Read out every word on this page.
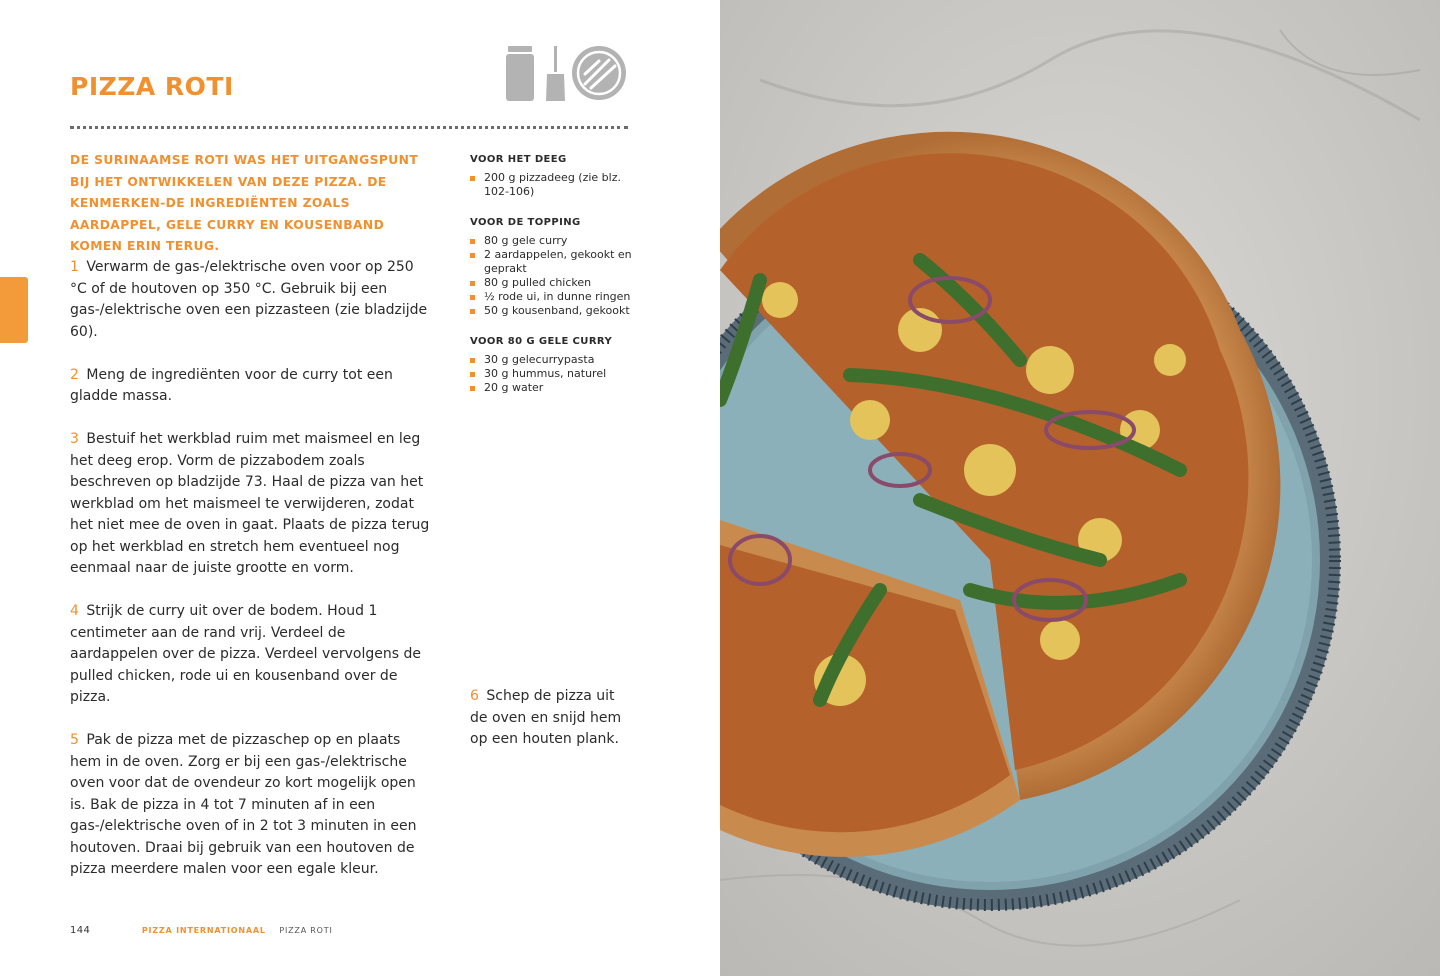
PIZZA ROTI

DE SURINAAMSE ROTI WAS HET UITGANGSPUNT BIJ HET ONTWIKKELEN VAN DEZE PIZZA. DE KENMERKEN-DE INGREDIËNTEN ZOALS AARDAPPEL, GELE CURRY EN KOUSENBAND KOMEN ERIN TERUG.

1 Verwarm de gas-/elektrische oven voor op 250 °C of de houtoven op 350 °C. Gebruik bij een gas-/elektrische oven een pizzasteen (zie bladzijde 60).

2 Meng de ingrediënten voor de curry tot een gladde massa.

3 Bestuif het werkblad ruim met maismeel en leg het deeg erop. Vorm de pizzabodem zoals beschreven op bladzijde 73. Haal de pizza van het werkblad om het maismeel te verwijderen, zodat het niet mee de oven in gaat. Plaats de pizza terug op het werkblad en stretch hem eventueel nog eenmaal naar de juiste grootte en vorm.

4 Strijk de curry uit over de bodem. Houd 1 centimeter aan de rand vrij. Verdeel de aardappelen over de pizza. Verdeel vervolgens de pulled chicken, rode ui en kousenband over de pizza.

5 Pak de pizza met de pizzaschep op en plaats hem in de oven. Zorg er bij een gas-/elektrische oven voor dat de ovendeur zo kort mogelijk open is. Bak de pizza in 4 tot 7 minuten af in een gas-/elektrische oven of in 2 tot 3 minuten in een houtoven. Draai bij gebruik van een houtoven de pizza meerdere malen voor een egale kleur.

6 Schep de pizza uit de oven en snijd hem op een houten plank.

VOOR HET DEEG
200 g pizzadeeg (zie blz. 102-106)
VOOR DE TOPPING
80 g gele curry
2 aardappelen, gekookt en geprakt
80 g pulled chicken
½ rode ui, in dunne ringen
50 g kousenband, gekookt
VOOR 80 G GELE CURRY
30 g gelecurrypasta
30 g hummus, naturel
20 g water
144	PIZZA INTERNATIONAAL PIZZA ROTI
